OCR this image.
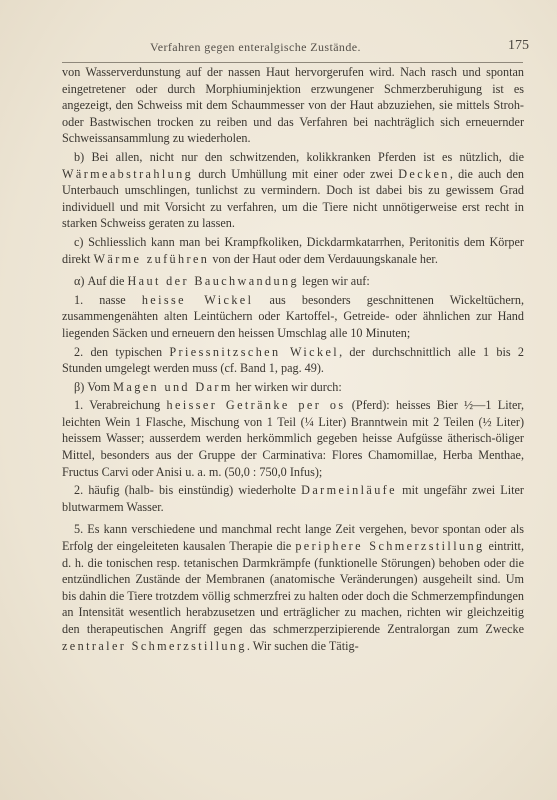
Verfahren gegen enteralgische Zustände.	175

von Wasserverdunstung auf der nassen Haut hervorgerufen wird. Nach rasch und spontan eingetretener oder durch Morphiuminjektion erzwungener Schmerzberuhigung ist es angezeigt, den Schweiss mit dem Schaummesser von der Haut abzuziehen, sie mittels Stroh- oder Bastwischen trocken zu reiben und das Verfahren bei nachträglich sich erneuernder Schweissansammlung zu wiederholen.

b) Bei allen, nicht nur den schwitzenden, kolikkranken Pferden ist es nützlich, die Wärmeabstrahlung durch Umhüllung mit einer oder zwei Decken, die auch den Unterbauch umschlingen, tunlichst zu vermindern. Doch ist dabei bis zu gewissem Grad individuell und mit Vorsicht zu verfahren, um die Tiere nicht unnötigerweise erst recht in starken Schweiss geraten zu lassen.

c) Schliesslich kann man bei Krampfkoliken, Dickdarmkatarrhen, Peritonitis dem Körper direkt Wärme zuführen von der Haut oder dem Verdauungskanale her.

α) Auf die Haut der Bauchwandung legen wir auf:

1. nasse heisse Wickel aus besonders geschnittenen Wickeltüchern, zusammengenähten alten Leintüchern oder Kartoffel-, Getreide- oder ähnlichen zur Hand liegenden Säcken und erneuern den heissen Umschlag alle 10 Minuten;

2. den typischen Priessnitzschen Wickel, der durchschnittlich alle 1 bis 2 Stunden umgelegt werden muss (cf. Band 1, pag. 49).

β) Vom Magen und Darm her wirken wir durch:

1. Verabreichung heisser Getränke per os (Pferd): heisses Bier ½—1 Liter, leichten Wein 1 Flasche, Mischung von 1 Teil (¼ Liter) Branntwein mit 2 Teilen (½ Liter) heissem Wasser; ausserdem werden herkömmlich gegeben heisse Aufgüsse ätherisch-öliger Mittel, besonders aus der Gruppe der Carminativa: Flores Chamomillae, Herba Menthae, Fructus Carvi oder Anisi u. a. m. (50,0 : 750,0 Infus);

2. häufig (halb- bis einstündig) wiederholte Darmeinläufe mit ungefähr zwei Liter blutwarmem Wasser.

5. Es kann verschiedene und manchmal recht lange Zeit vergehen, bevor spontan oder als Erfolg der eingeleiteten kausalen Therapie die periphere Schmerzstillung eintritt, d. h. die tonischen resp. tetanischen Darmkrämpfe (funktionelle Störungen) behoben oder die entzündlichen Zustände der Membranen (anatomische Veränderungen) ausgeheilt sind. Um bis dahin die Tiere trotzdem völlig schmerzfrei zu halten oder doch die Schmerzempfindungen an Intensität wesentlich herabzusetzen und erträglicher zu machen, richten wir gleichzeitig den therapeutischen Angriff gegen das schmerzperzipierende Zentralorgan zum Zwecke zentraler Schmerzstillung. Wir suchen die Tätig-
